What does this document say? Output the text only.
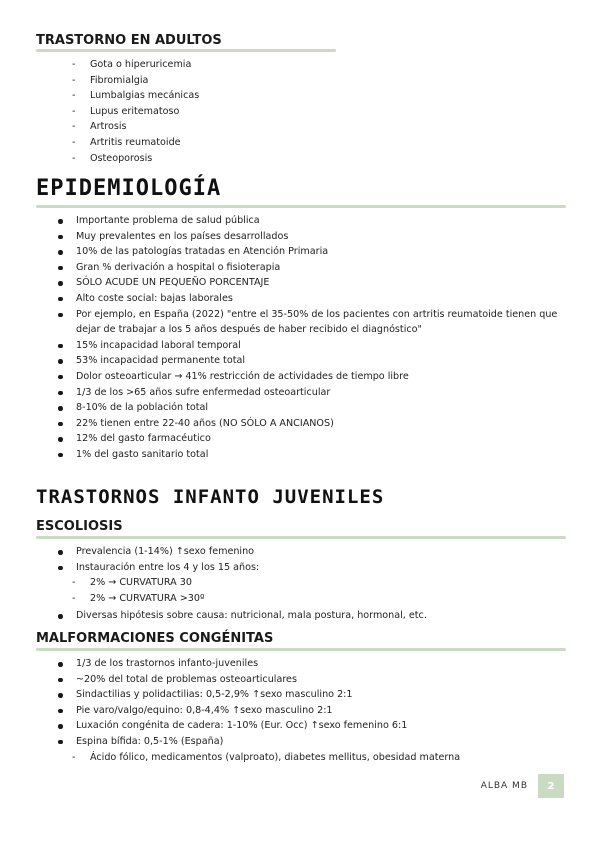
TRASTORNO EN ADULTOS
- Gota o hiperuricemia
- Fibromialgia
- Lumbalgias mecánicas
- Lupus eritematoso
- Artrosis
- Artritis reumatoide
- Osteoporosis
EPIDEMIOLOGÍA
Importante problema de salud pública
Muy prevalentes en los países desarrollados
10% de las patologías tratadas en Atención Primaria
Gran % derivación a hospital o fisioterapia
SÓLO ACUDE UN PEQUEÑO PORCENTAJE
Alto coste social: bajas laborales
Por ejemplo, en España (2022) "entre el 35-50% de los pacientes con artritis reumatoide tienen que dejar de trabajar a los 5 años después de haber recibido el diagnóstico"
15% incapacidad laboral temporal
53% incapacidad permanente total
Dolor osteoarticular → 41% restricción de actividades de tiempo libre
1/3 de los >65 años sufre enfermedad osteoarticular
8-10% de la población total
22% tienen entre 22-40 años (NO SÓLO A ANCIANOS)
12% del gasto farmacéutico
1% del gasto sanitario total
TRASTORNOS INFANTO JUVENILES
ESCOLIOSIS
Prevalencia (1-14%) ↑sexo femenino
Instauración entre los 4 y los 15 años:
- 2% → CURVATURA 30
- 2% → CURVATURA >30º
Diversas hipótesis sobre causa: nutricional, mala postura, hormonal, etc.
MALFORMACIONES CONGÉNITAS
1/3 de los trastornos infanto-juveniles
~20% del total de problemas osteoarticulares
Sindactilias y polidactilias: 0,5-2,9% ↑sexo masculino 2:1
Pie varo/valgo/equino: 0,8-4,4% ↑sexo masculino 2:1
Luxación congénita de cadera: 1-10% (Eur. Occ) ↑sexo femenino 6:1
Espina bífida: 0,5-1% (España)
- Ácido fólico, medicamentos (valproato), diabetes mellitus, obesidad materna
ALBA MB	2
